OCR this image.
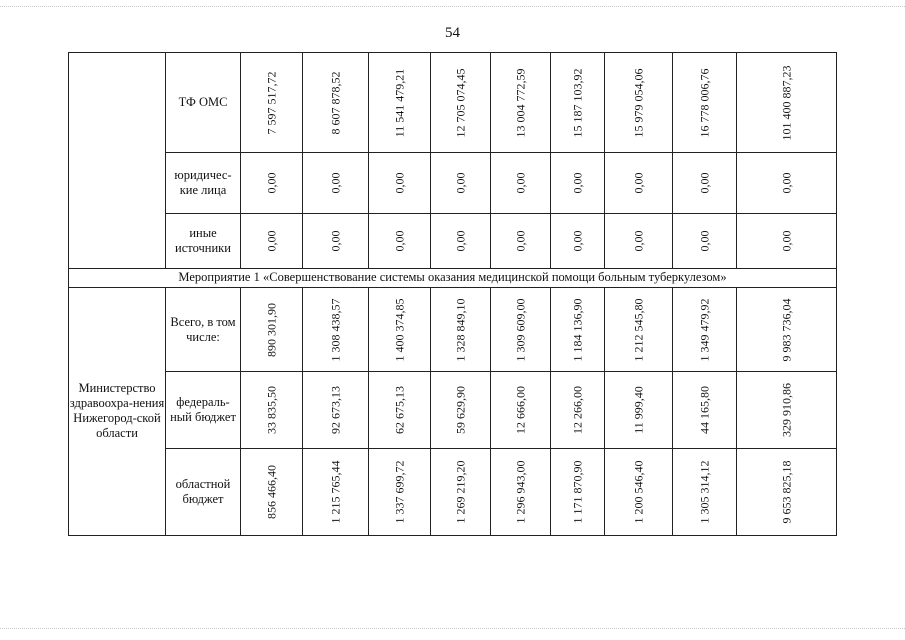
54
	ТФ ОМС	7 597 517,72	8 607 878,52	11 541 479,21	12 705 074,45	13 004 772,59	15 187 103,92	15 979 054,06	16 778 006,76	101 400 887,23

	юридичес-кие лица	0,00	0,00	0,00	0,00	0,00	0,00	0,00	0,00	0,00

	иные источники	0,00	0,00	0,00	0,00	0,00	0,00	0,00	0,00	0,00

Мероприятие 1 «Совершенствование системы оказания медицинской помощи больным туберкулезом»										
Министерство здравоохра-нения Нижегород-ской области	Всего, в том числе:	890 301,90	1 308 438,57	1 400 374,85	1 328 849,10	1 309 609,00	1 184 136,90	1 212 545,80	1 349 479,92	9 983 736,04

	федераль-ный бюджет	33 835,50	92 673,13	62 675,13	59 629,90	12 666,00	12 266,00	11 999,40	44 165,80	329 910,86

	областной бюджет	856 466,40	1 215 765,44	1 337 699,72	1 269 219,20	1 296 943,00	1 171 870,90	1 200 546,40	1 305 314,12	9 653 825,18
